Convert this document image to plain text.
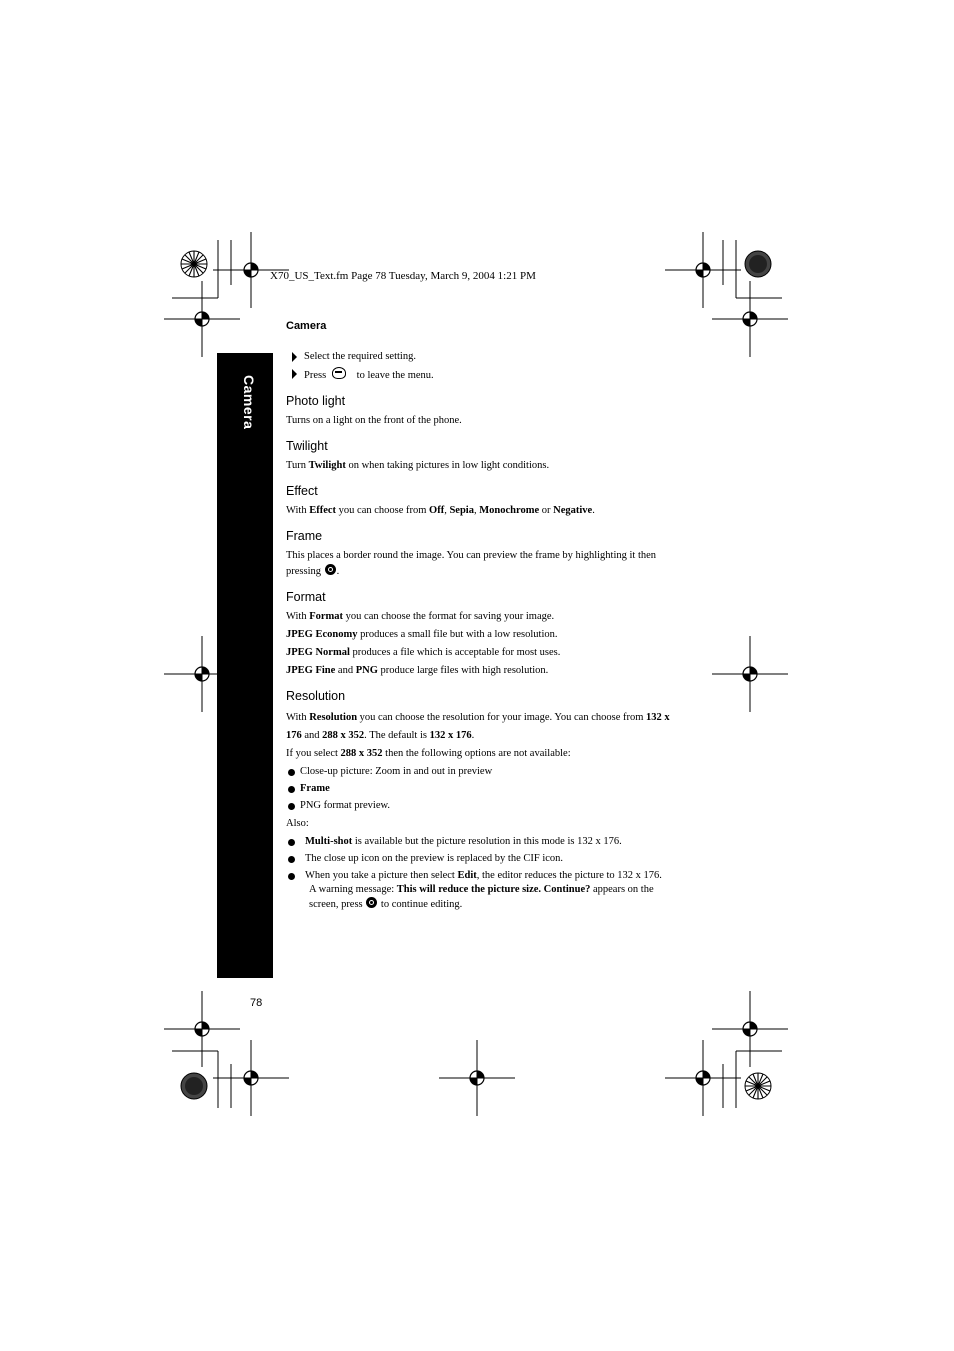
X70_US_Text.fm Page 78 Tuesday, March 9, 2004 1:21 PM
Camera
Camera
78
Select the required setting.
Press	to leave the menu.
Photo light

Turns on a light on the front of the phone.

Twilight

Turn Twilight on when taking pictures in low light conditions.

Effect

With Effect you can choose from Off, Sepia, Monochrome or Negative.

Frame

This places a border round the image. You can preview the frame by highlighting it then pressing .

Format

With Format you can choose the format for saving your image.

JPEG Economy produces a small file but with a low resolution.

JPEG Normal produces a file which is acceptable for most uses.

JPEG Fine and PNG produce large files with high resolution.

Resolution

With Resolution you can choose the resolution for your image. You can choose from 132 x 176 and 288 x 352. The default is 132 x 176.

If you select 288 x 352 then the following options are not available:

Close-up picture: Zoom in and out in preview
Frame
PNG format preview.

Also:

Multi-shot is available but the picture resolution in this mode is 132 x 176.
The close up icon on the preview is replaced by the CIF icon.
When you take a picture then select Edit, the editor reduces the picture to 132 x 176.
A warning message: This will reduce the picture size. Continue? appears on the
screen, press to continue editing.
